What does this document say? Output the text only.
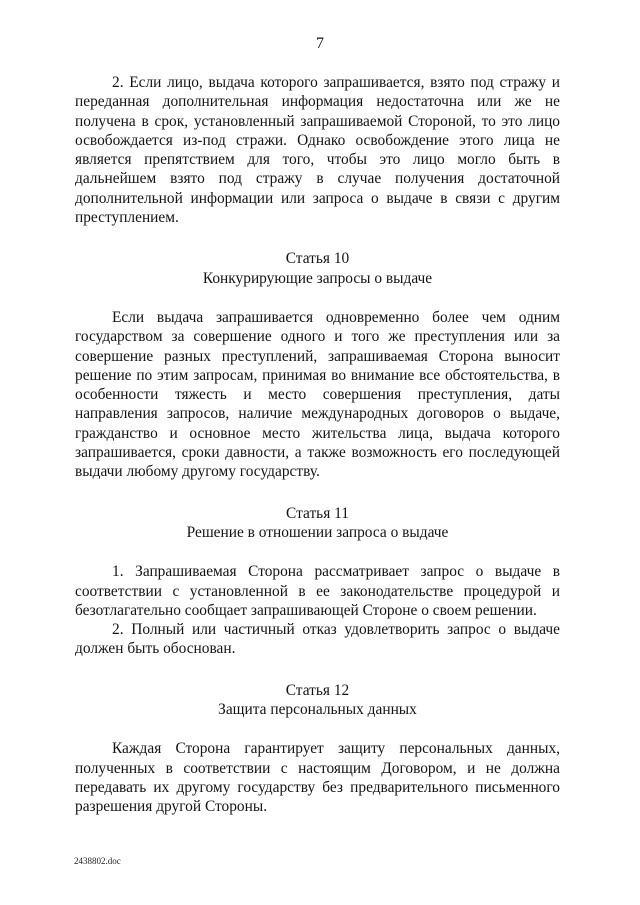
7

2. Если лицо, выдача которого запрашивается, взято под стражу и переданная дополнительная информация недостаточна или же не получена в срок, установленный запрашиваемой Стороной, то это лицо освобождается из-под стражи. Однако освобождение этого лица не является препятствием для того, чтобы это лицо могло быть в дальнейшем взято под стражу в случае получения достаточной дополнительной информации или запроса о выдаче в связи с другим преступлением.

Статья 10
Конкурирующие запросы о выдаче

Если выдача запрашивается одновременно более чем одним государством за совершение одного и того же преступления или за совершение разных преступлений, запрашиваемая Сторона выносит решение по этим запросам, принимая во внимание все обстоятельства, в особенности тяжесть и место совершения преступления, даты направления запросов, наличие международных договоров о выдаче, гражданство и основное место жительства лица, выдача которого запрашивается, сроки давности, а также возможность его последующей выдачи любому другому государству.

Статья 11
Решение в отношении запроса о выдаче

1. Запрашиваемая Сторона рассматривает запрос о выдаче в соответствии с установленной в ее законодательстве процедурой и безотлагательно сообщает запрашивающей Стороне о своем решении.

2. Полный или частичный отказ удовлетворить запрос о выдаче должен быть обоснован.

Статья 12
Защита персональных данных

Каждая Сторона гарантирует защиту персональных данных, полученных в соответствии с настоящим Договором, и не должна передавать их другому государству без предварительного письменного разрешения другой Стороны.

2438802.doc
